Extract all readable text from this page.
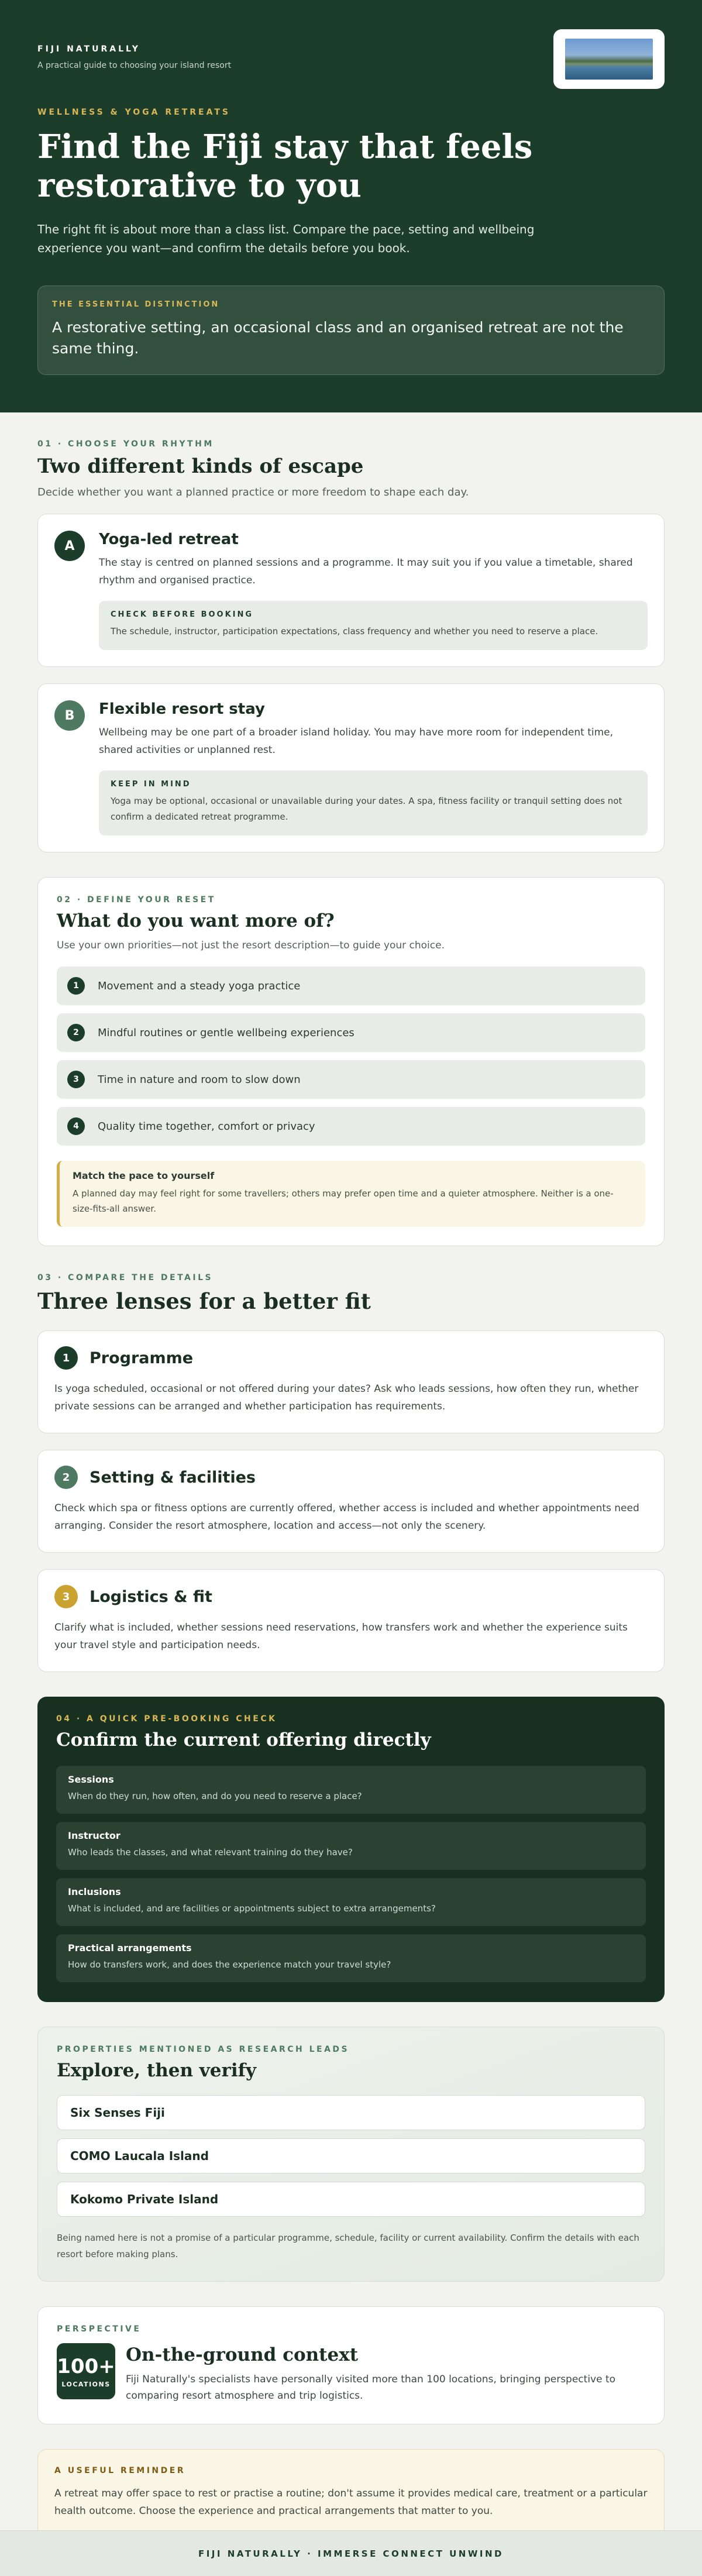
FIJI NATURALLY
A practical guide to choosing your island resort
WELLNESS & YOGA RETREATS
Find the Fiji stay that feels restorative to you

The right fit is about more than a class list. Compare the pace, setting and wellbeing experience you want—and confirm the details before you book.

THE ESSENTIAL DISTINCTION
A restorative setting, an occasional class and an organised retreat are not the same thing.
01 · CHOOSE YOUR RHYTHM
Two different kinds of escape

Decide whether you want a planned practice or more freedom to shape each day.

A	Yoga-led retreat

The stay is centred on planned sessions and a programme. It may suit you if you value a timetable, shared rhythm and organised practice.

CHECK BEFORE BOOKING
The schedule, instructor, participation expectations, class frequency and whether you need to reserve a place.
B	Flexible resort stay

Wellbeing may be one part of a broader island holiday. You may have more room for independent time, shared activities or unplanned rest.

KEEP IN MIND
Yoga may be optional, occasional or unavailable during your dates. A spa, fitness facility or tranquil setting does not confirm a dedicated retreat programme.
02 · DEFINE YOUR RESET
What do you want more of?

Use your own priorities—not just the resort description—to guide your choice.

1	Movement and a steady yoga practice
2	Mindful routines or gentle wellbeing experiences
3	Time in nature and room to slow down
4	Quality time together, comfort or privacy
Match the pace to yourself
A planned day may feel right for some travellers; others may prefer open time and a quieter atmosphere. Neither is a one-size-fits-all answer.
03 · COMPARE THE DETAILS
Three lenses for a better fit
1	Programme

Is yoga scheduled, occasional or not offered during your dates? Ask who leads sessions, how often they run, whether private sessions can be arranged and whether participation has requirements.

2	Setting & facilities

Check which spa or fitness options are currently offered, whether access is included and whether appointments need arranging. Consider the resort atmosphere, location and access—not only the scenery.

3	Logistics & fit

Clarify what is included, whether sessions need reservations, how transfers work and whether the experience suits your travel style and participation needs.

04 · A QUICK PRE-BOOKING CHECK
Confirm the current offering directly
Sessions
When do they run, how often, and do you need to reserve a place?
Instructor
Who leads the classes, and what relevant training do they have?
Inclusions
What is included, and are facilities or appointments subject to extra arrangements?
Practical arrangements
How do transfers work, and does the experience match your travel style?
PROPERTIES MENTIONED AS RESEARCH LEADS
Explore, then verify
Six Senses Fiji
COMO Laucala Island
Kokomo Private Island

Being named here is not a promise of a particular programme, schedule, facility or current availability. Confirm the details with each resort before making plans.

PERSPECTIVE
100+
LOCATIONS
On-the-ground context

Fiji Naturally's specialists have personally visited more than 100 locations, bringing perspective to comparing resort atmosphere and trip logistics.

A USEFUL REMINDER

A retreat may offer space to rest or practise a routine; don't assume it provides medical care, treatment or a particular health outcome. Choose the experience and practical arrangements that matter to you.

FIJI NATURALLY · IMMERSE CONNECT UNWIND
